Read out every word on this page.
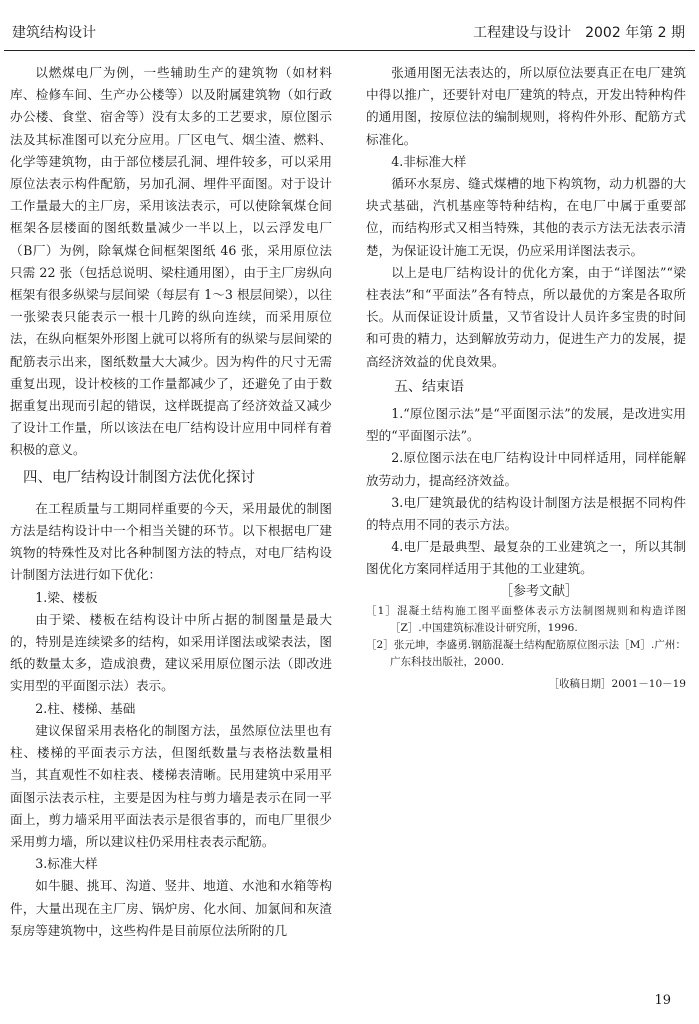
建筑结构设计	工程建设与设计　2002 年第 2 期

以燃煤电厂为例，一些辅助生产的建筑物（如材料库、检修车间、生产办公楼等）以及附属建筑物（如行政办公楼、食堂、宿舍等）没有太多的工艺要求，原位图示法及其标准图可以充分应用。厂区电气、烟尘渣、燃料、化学等建筑物，由于部位楼层孔洞、埋件较多，可以采用原位法表示构件配筋，另加孔洞、埋件平面图。对于设计工作量最大的主厂房，采用该法表示，可以使除氧煤仓间框架各层楼面的图纸数量减少一半以上，以云浮发电厂（B厂）为例，除氧煤仓间框架图纸 46 张，采用原位法只需 22 张（包括总说明、梁柱通用图），由于主厂房纵向框架有很多纵梁与层间梁（每层有 1～3 根层间梁），以往一张梁表只能表示一根十几跨的纵向连续，而采用原位法，在纵向框架外形图上就可以将所有的纵梁与层间梁的配筋表示出来，图纸数量大大减少。因为构件的尺寸无需重复出现，设计校核的工作量都减少了，还避免了由于数据重复出现而引起的错误，这样既提高了经济效益又减少了设计工作量，所以该法在电厂结构设计应用中同样有着积极的意义。

四、电厂结构设计制图方法优化探讨

在工程质量与工期同样重要的今天，采用最优的制图方法是结构设计中一个相当关键的环节。以下根据电厂建筑物的特殊性及对比各种制图方法的特点，对电厂结构设计制图方法进行如下优化：

1.梁、楼板

由于梁、楼板在结构设计中所占据的制图量是最大的，特别是连续梁多的结构，如采用详图法或梁表法，图纸的数量太多，造成浪费，建议采用原位图示法（即改进实用型的平面图示法）表示。

2.柱、楼梯、基础

建议保留采用表格化的制图方法，虽然原位法里也有柱、楼梯的平面表示方法，但图纸数量与表格法数量相当，其直观性不如柱表、楼梯表清晰。民用建筑中采用平面图示法表示柱，主要是因为柱与剪力墙是表示在同一平面上，剪力墙采用平面法表示是很省事的，而电厂里很少采用剪力墙，所以建议柱仍采用柱表表示配筋。

3.标准大样

如牛腿、挑耳、沟道、竖井、地道、水池和水箱等构件，大量出现在主厂房、锅炉房、化水间、加氯间和灰渣泵房等建筑物中，这些构件是目前原位法所附的几

张通用图无法表达的，所以原位法要真正在电厂建筑中得以推广，还要针对电厂建筑的特点，开发出特种构件的通用图，按原位法的编制规则，将构件外形、配筋方式标准化。

4.非标准大样

循环水泵房、缝式煤槽的地下构筑物，动力机器的大块式基础，汽机基座等特种结构，在电厂中属于重要部位，而结构形式又相当特殊，其他的表示方法无法表示清楚，为保证设计施工无误，仍应采用详图法表示。

以上是电厂结构设计的优化方案，由于“详图法”“梁柱表法”和“平面法”各有特点，所以最优的方案是各取所长。从而保证设计质量，又节省设计人员许多宝贵的时间和可贵的精力，达到解放劳动力，促进生产力的发展，提高经济效益的优良效果。

五、结束语

1.“原位图示法”是“平面图示法”的发展，是改进实用型的“平面图示法”。

2.原位图示法在电厂结构设计中同样适用，同样能解放劳动力，提高经济效益。

3.电厂建筑最优的结构设计制图方法是根据不同构件的特点用不同的表示方法。

4.电厂是最典型、最复杂的工业建筑之一，所以其制图优化方案同样适用于其他的工业建筑。

［参考文献］

［1］混凝土结构施工图平面整体表示方法制图规则和构造详图［Z］.中国建筑标准设计研究所，1996.

［2］张元坤，李盛勇.钢筋混凝土结构配筋原位图示法［M］.广州：广东科技出版社，2000.

［收稿日期］2001－10－19
19
